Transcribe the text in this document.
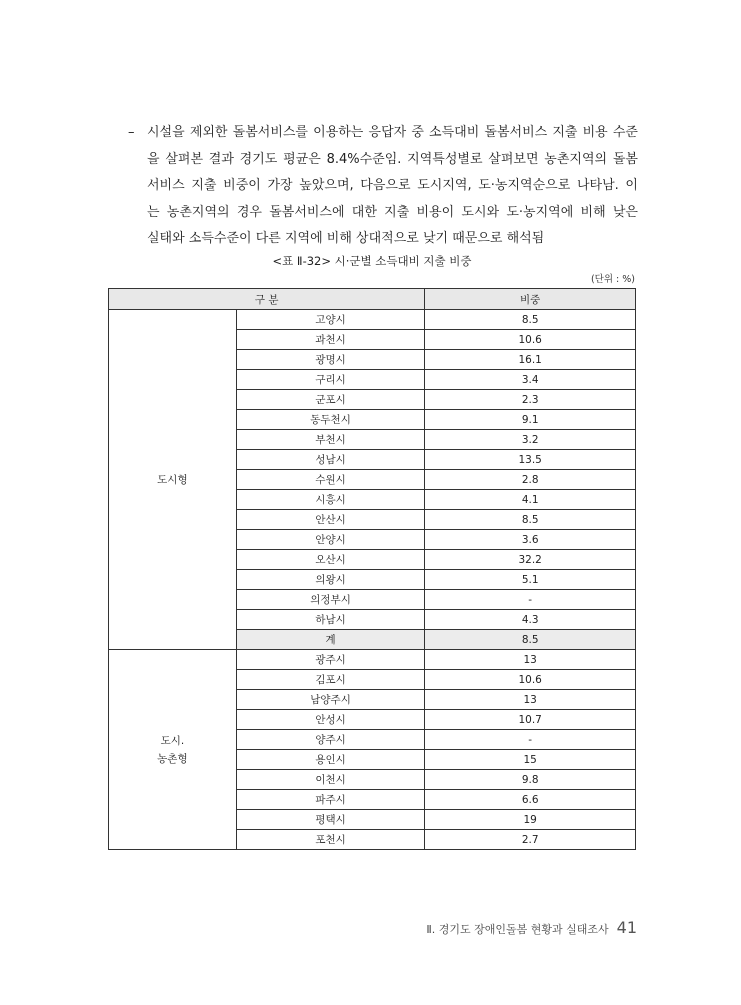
– 시설을 제외한 돌봄서비스를 이용하는 응답자 중 소득대비 돌봄서비스 지출 비용 수준
을 살펴본 결과 경기도 평균은 8.4%수준임. 지역특성별로 살펴보면 농촌지역의 돌봄
서비스 지출 비중이 가장 높았으며, 다음으로 도시지역, 도·농지역순으로 나타남. 이
는 농촌지역의 경우 돌봄서비스에 대한 지출 비용이 도시와 도·농지역에 비해 낮은
실태와 소득수준이 다른 지역에 비해 상대적으로 낮기 때문으로 해석됨
<표 Ⅱ-32> 시·군별 소득대비 지출 비중
(단위 : %)
구 분		비중
도시형	고양시	8.5
	과천시	10.6
	광명시	16.1
	구리시	3.4
	군포시	2.3
	동두천시	9.1
	부천시	3.2
	성남시	13.5
	수원시	2.8
	시흥시	4.1
	안산시	8.5
	안양시	3.6
	오산시	32.2
	의왕시	5.1
	의정부시	-
	하남시	4.3
	계	8.5
도시.
농촌형	광주시	13
	김포시	10.6
	남양주시	13
	안성시	10.7
	양주시	-
	용인시	15
	이천시	9.8
	파주시	6.6
	평택시	19
	포천시	2.7
Ⅱ. 경기도 장애인돌봄 현황과 실태조사 41
